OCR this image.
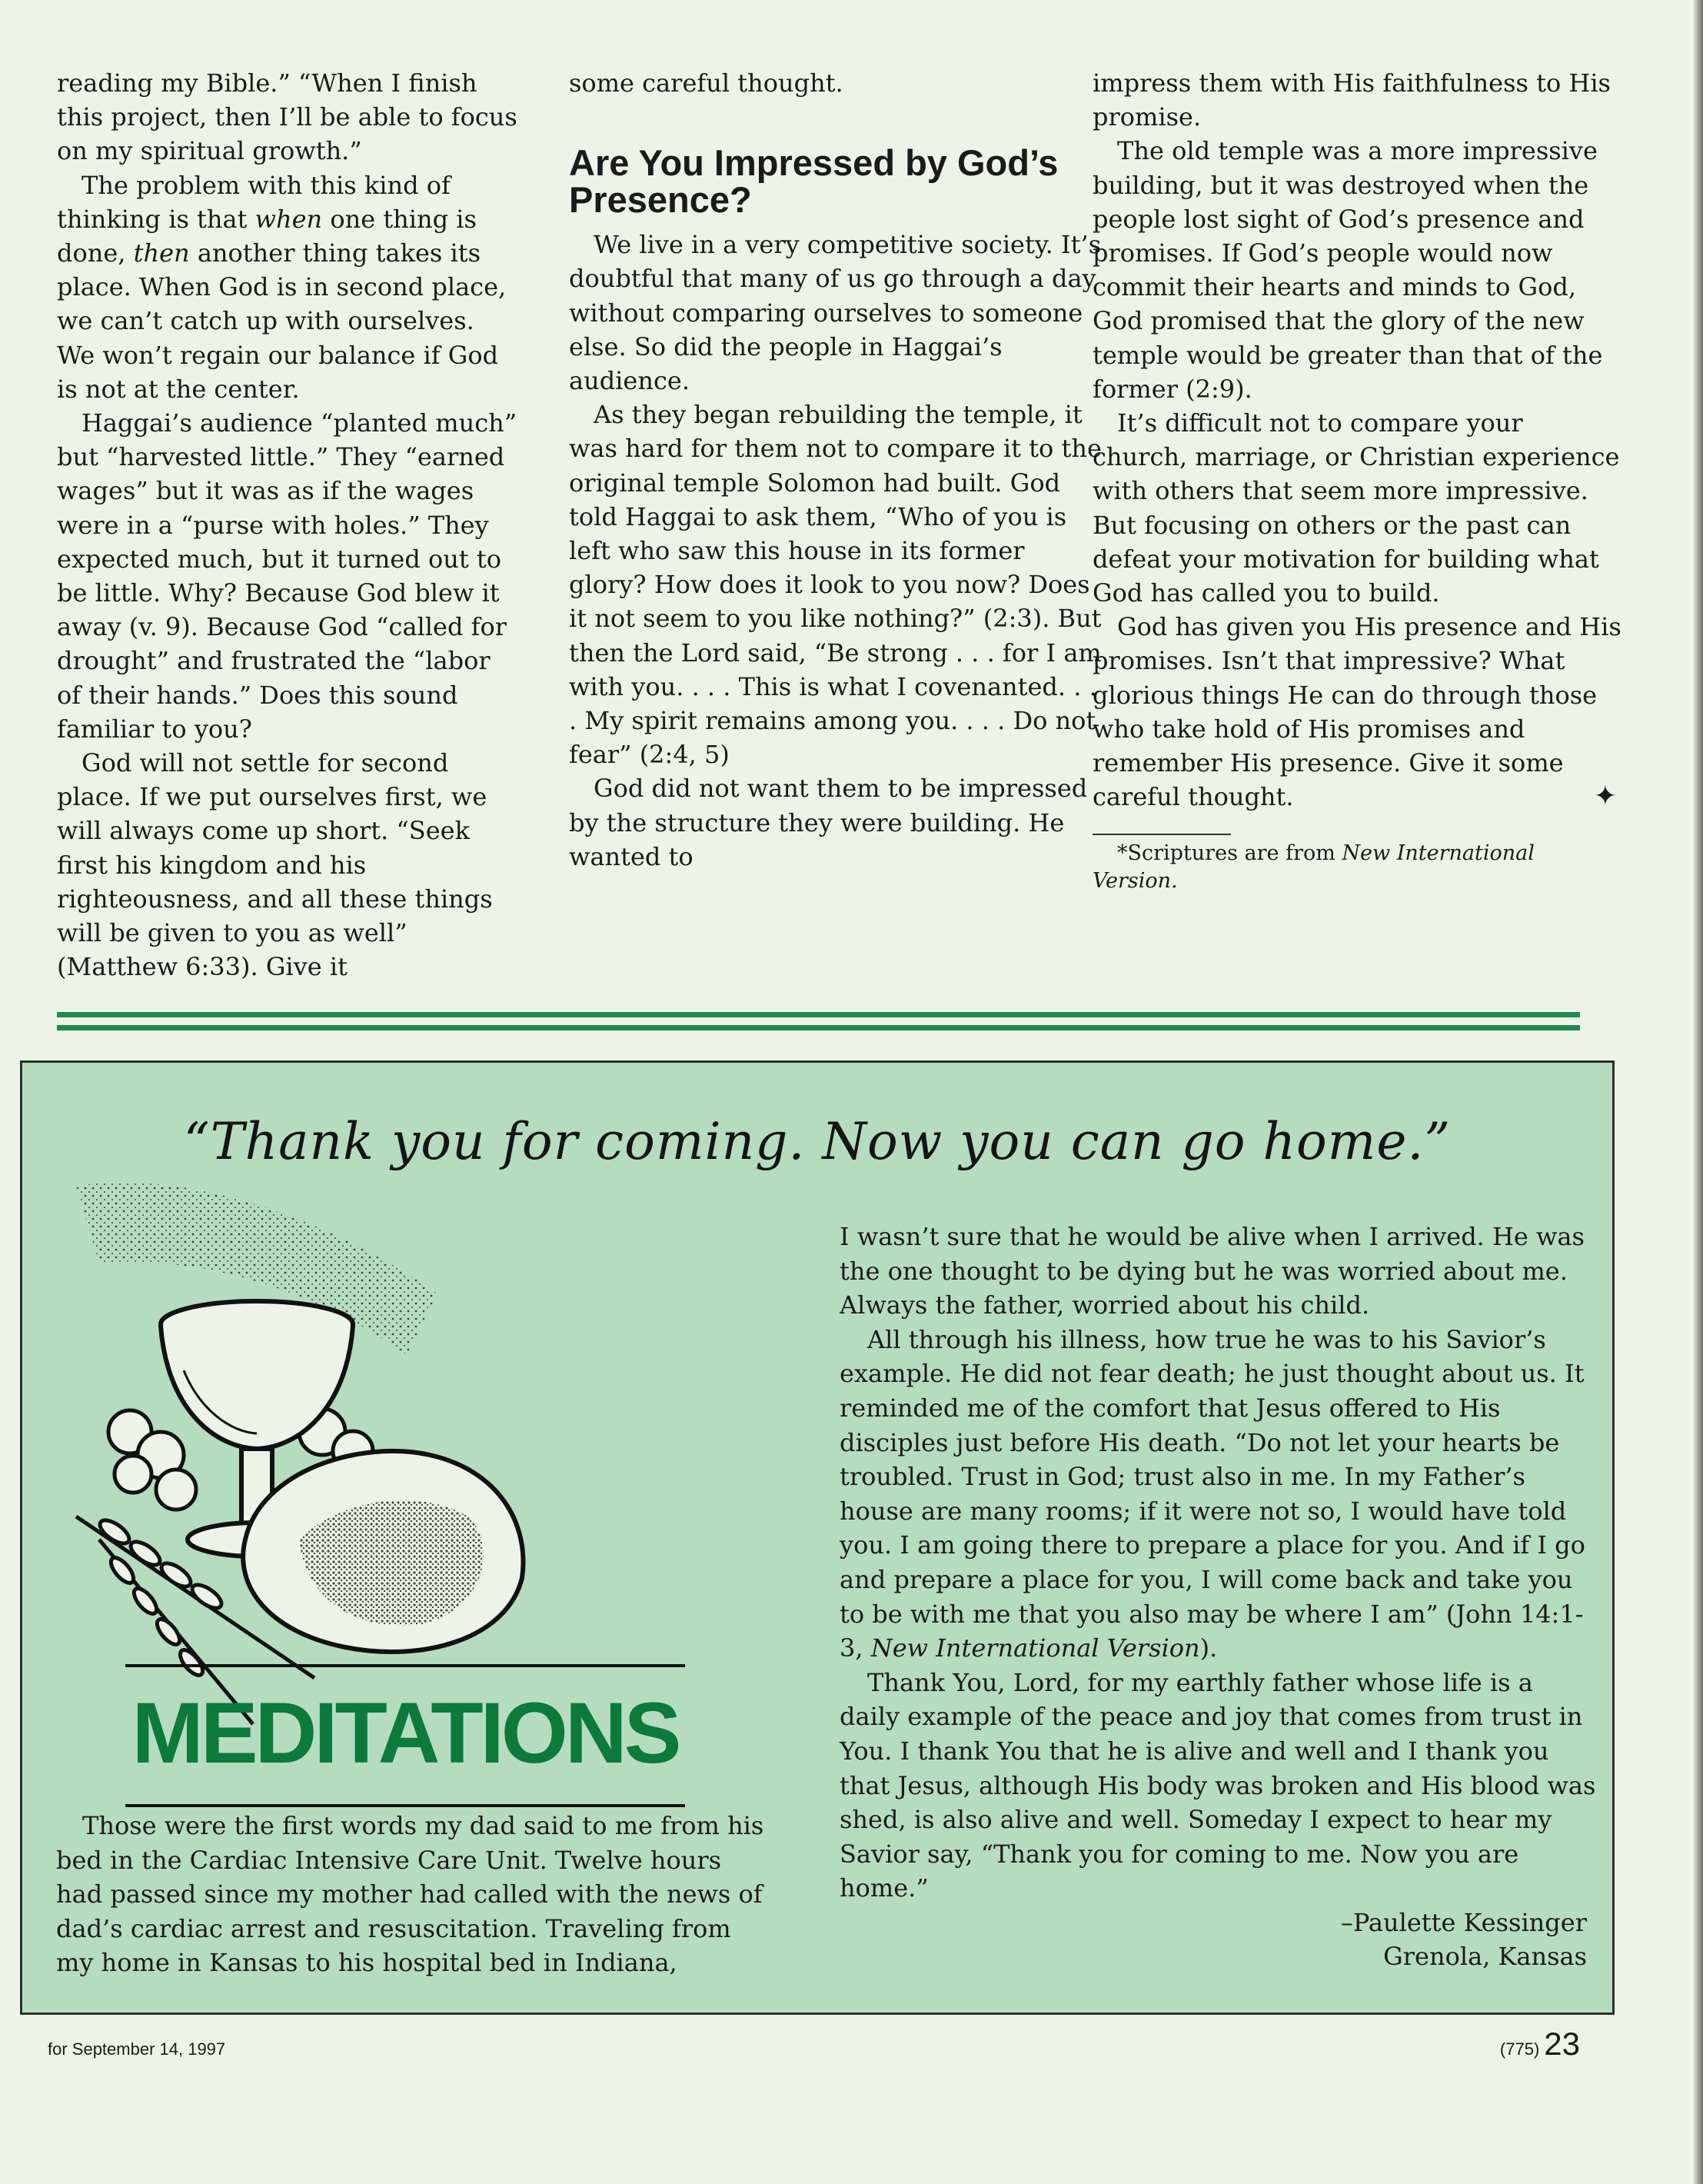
reading my Bible.” “When I finish this project, then I’ll be able to focus on my spiritual growth.”

The problem with this kind of thinking is that when one thing is done, then another thing takes its place. When God is in second place, we can’t catch up with ourselves. We won’t regain our balance if God is not at the center.

Haggai’s audience “planted much” but “harvested little.” They “earned wages” but it was as if the wages were in a “purse with holes.” They expected much, but it turned out to be little. Why? Because God blew it away (v. 9). Because God “called for drought” and frustrated the “labor of their hands.” Does this sound familiar to you?

God will not settle for second place. If we put ourselves first, we will always come up short. “Seek first his kingdom and his righteousness, and all these things will be given to you as well” (Matthew 6:33). Give it

some careful thought.

Are You Impressed by God’s Presence?

We live in a very competitive society. It’s doubtful that many of us go through a day without comparing ourselves to someone else. So did the people in Haggai’s audience.

As they began rebuilding the temple, it was hard for them not to compare it to the original temple Solomon had built. God told Haggai to ask them, “Who of you is left who saw this house in its former glory? How does it look to you now? Does it not seem to you like nothing?” (2:3). But then the Lord said, “Be strong . . . for I am with you. . . . This is what I covenanted. . . . My spirit remains among you. . . . Do not fear” (2:4, 5)

God did not want them to be impressed by the structure they were building. He wanted to

impress them with His faithfulness to His promise.

The old temple was a more impressive building, but it was destroyed when the people lost sight of God’s presence and promises. If God’s people would now commit their hearts and minds to God, God promised that the glory of the new temple would be greater than that of the former (2:9).

It’s difficult not to compare your church, marriage, or Christian experience with others that seem more impressive. But focusing on others or the past can defeat your motivation for building what God has called you to build.

God has given you His presence and His promises. Isn’t that impressive? What glorious things He can do through those who take hold of His promises and remember His presence. Give it some careful thought.	✦

*Scriptures are from New International Version.

“Thank you for coming. Now you can go home.”
MEDITATIONS

Those were the first words my dad said to me from his bed in the Cardiac Intensive Care Unit. Twelve hours had passed since my mother had called with the news of dad’s cardiac arrest and resuscitation. Traveling from my home in Kansas to his hospital bed in Indiana,

I wasn’t sure that he would be alive when I arrived. He was the one thought to be dying but he was worried about me. Always the father, worried about his child.

All through his illness, how true he was to his Savior’s example. He did not fear death; he just thought about us. It reminded me of the comfort that Jesus offered to His disciples just before His death. “Do not let your hearts be troubled. Trust in God; trust also in me. In my Father’s house are many rooms; if it were not so, I would have told you. I am going there to prepare a place for you. And if I go and prepare a place for you, I will come back and take you to be with me that you also may be where I am” (John 14:1-3, New International Version).

Thank You, Lord, for my earthly father whose life is a daily example of the peace and joy that comes from trust in You. I thank You that he is alive and well and I thank you that Jesus, although His body was broken and His blood was shed, is also alive and well. Someday I expect to hear my Savior say, “Thank you for coming to me. Now you are home.”

–Paulette Kessinger
Grenola, Kansas
for September 14, 1997	(775) 23
